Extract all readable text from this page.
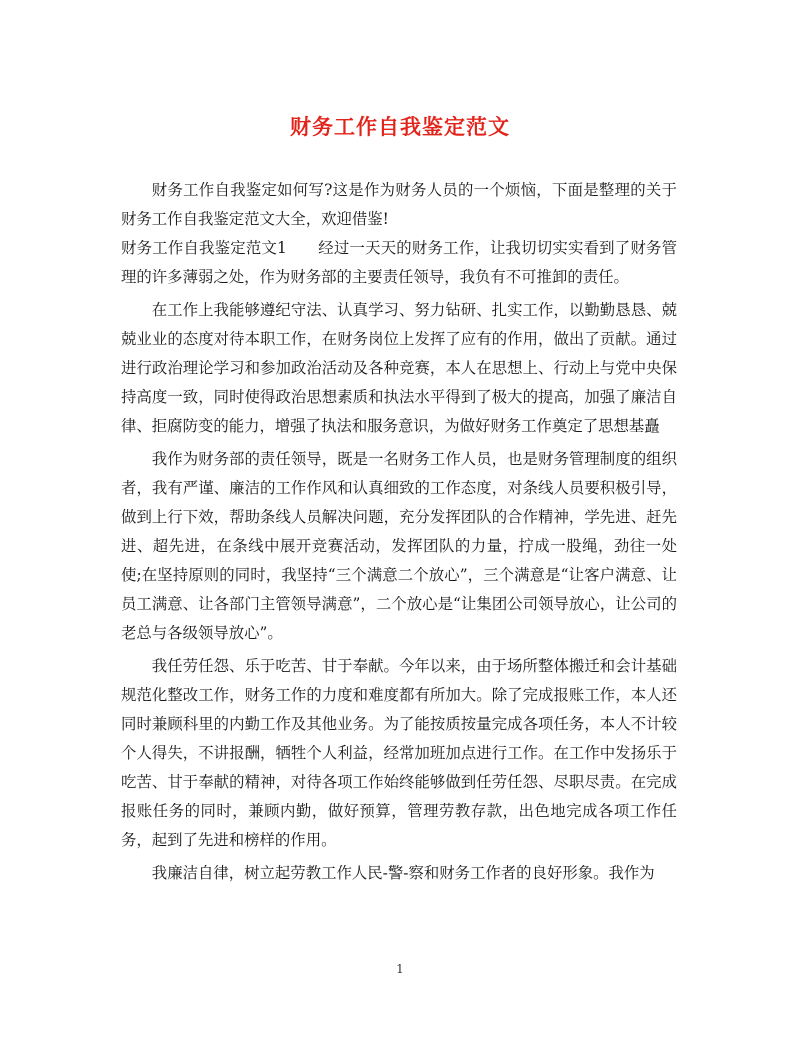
财务工作自我鉴定范文

财务工作自我鉴定如何写?这是作为财务人员的一个烦恼，下面是整理的关于财务工作自我鉴定范文大全，欢迎借鉴!

财务工作自我鉴定范文1　　经过一天天的财务工作，让我切切实实看到了财务管理的许多薄弱之处，作为财务部的主要责任领导，我负有不可推卸的责任。

在工作上我能够遵纪守法、认真学习、努力钻研、扎实工作，以勤勤恳恳、兢兢业业的态度对待本职工作，在财务岗位上发挥了应有的作用，做出了贡献。通过进行政治理论学习和参加政治活动及各种竞赛，本人在思想上、行动上与党中央保持高度一致，同时使得政治思想素质和执法水平得到了极大的提高，加强了廉洁自律、拒腐防变的能力，增强了执法和服务意识，为做好财务工作奠定了思想基矗

我作为财务部的责任领导，既是一名财务工作人员，也是财务管理制度的组织者，我有严谨、廉洁的工作作风和认真细致的工作态度，对条线人员要积极引导，做到上行下效，帮助条线人员解决问题，充分发挥团队的合作精神，学先进、赶先进、超先进，在条线中展开竞赛活动，发挥团队的力量，拧成一股绳，劲往一处使;在坚持原则的同时，我坚持“三个满意二个放心”，三个满意是“让客户满意、让员工满意、让各部门主管领导满意”，二个放心是“让集团公司领导放心，让公司的老总与各级领导放心”。

我任劳任怨、乐于吃苦、甘于奉献。今年以来，由于场所整体搬迁和会计基础规范化整改工作，财务工作的力度和难度都有所加大。除了完成报账工作，本人还同时兼顾科里的内勤工作及其他业务。为了能按质按量完成各项任务，本人不计较个人得失，不讲报酬，牺牲个人利益，经常加班加点进行工作。在工作中发扬乐于吃苦、甘于奉献的精神，对待各项工作始终能够做到任劳任怨、尽职尽责。在完成报账任务的同时，兼顾内勤，做好预算，管理劳教存款，出色地完成各项工作任务，起到了先进和榜样的作用。

我廉洁自律，树立起劳教工作人民-警-察和财务工作者的良好形象。我作为

1
